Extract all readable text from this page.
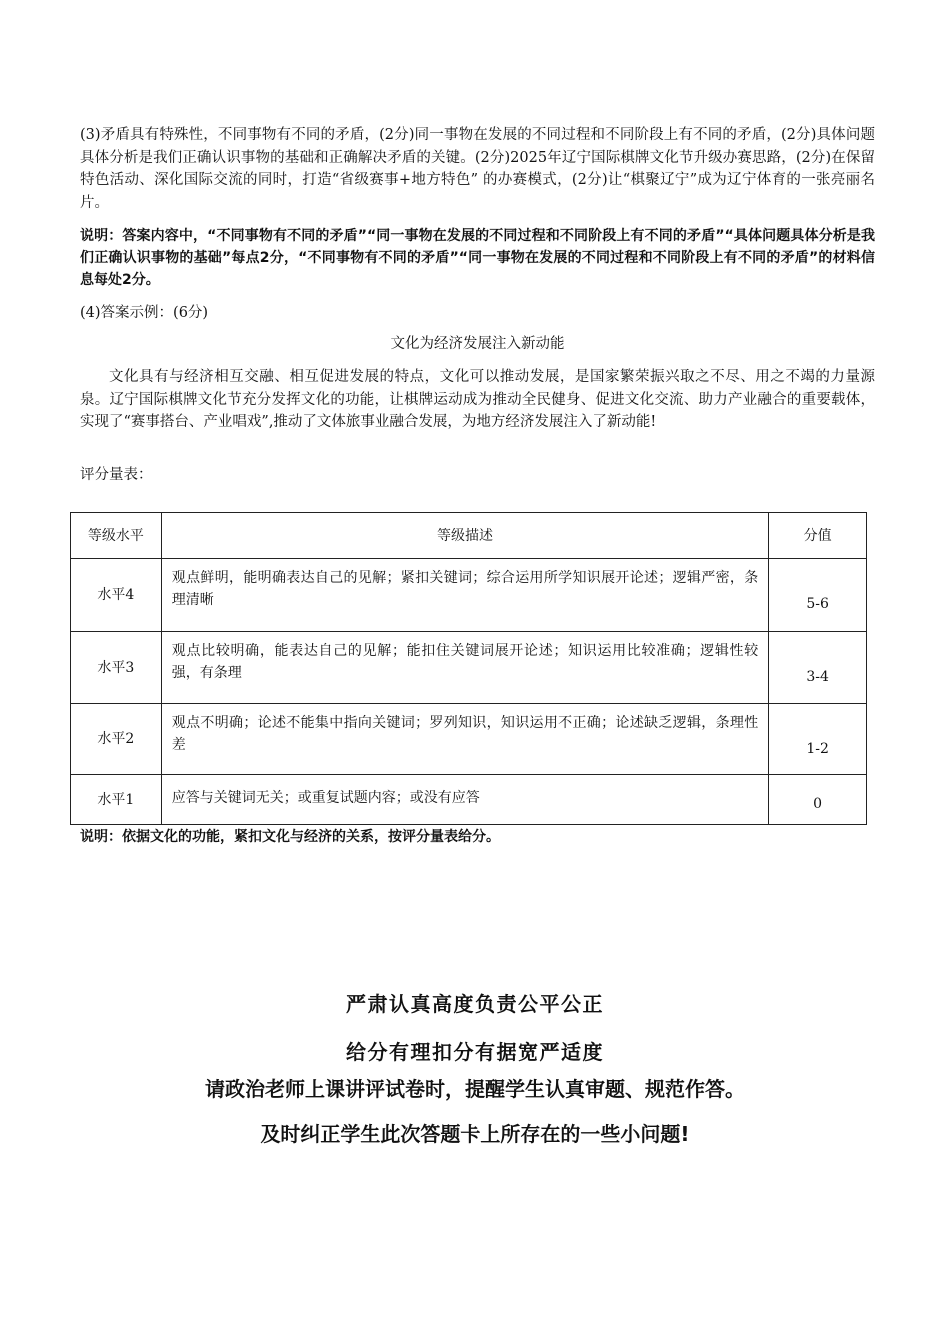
(3)矛盾具有特殊性，不同事物有不同的矛盾，(2分)同一事物在发展的不同过程和不同阶段上有不同的矛盾，(2分)具体问题具体分析是我们正确认识事物的基础和正确解决矛盾的关键。(2分)2025年辽宁国际棋牌文化节升级办赛思路，(2分)在保留特色活动、深化国际交流的同时，打造“省级赛事+地方特色” 的办赛模式，(2分)让“棋聚辽宁”成为辽宁体育的一张亮丽名片。
说明：答案内容中，“不同事物有不同的矛盾”“同一事物在发展的不同过程和不同阶段上有不同的矛盾”“具体问题具体分析是我们正确认识事物的基础”每点2分，“不同事物有不同的矛盾”“同一事物在发展的不同过程和不同阶段上有不同的矛盾”的材料信息每处2分。
(4)答案示例：(6分)
文化为经济发展注入新动能
文化具有与经济相互交融、相互促进发展的特点，文化可以推动发展，是国家繁荣振兴取之不尽、用之不竭的力量源泉。辽宁国际棋牌文化节充分发挥文化的功能，让棋牌运动成为推动全民健身、促进文化交流、助力产业融合的重要载体，实现了“赛事搭台、产业唱戏”,推动了文体旅事业融合发展，为地方经济发展注入了新动能!
评分量表：
等级水平	等级描述	分值
水平4	观点鲜明，能明确表达自己的见解；紧扣关键词；综合运用所学知识展开论述；逻辑严密，条理清晰	5-6

水平3	观点比较明确，能表达自己的见解；能扣住关键词展开论述；知识运用比较准确；逻辑性较强，有条理	3-4

水平2	观点不明确；论述不能集中指向关键词；罗列知识，知识运用不正确；论述缺乏逻辑，条理性差	1-2

水平1	应答与关键词无关；或重复试题内容；或没有应答	0
说明：依据文化的功能，紧扣文化与经济的关系，按评分量表给分。
严肃认真高度负责公平公正
给分有理扣分有据宽严适度
请政治老师上课讲评试卷时，提醒学生认真审题、规范作答。
及时纠正学生此次答题卡上所存在的一些小问题!
